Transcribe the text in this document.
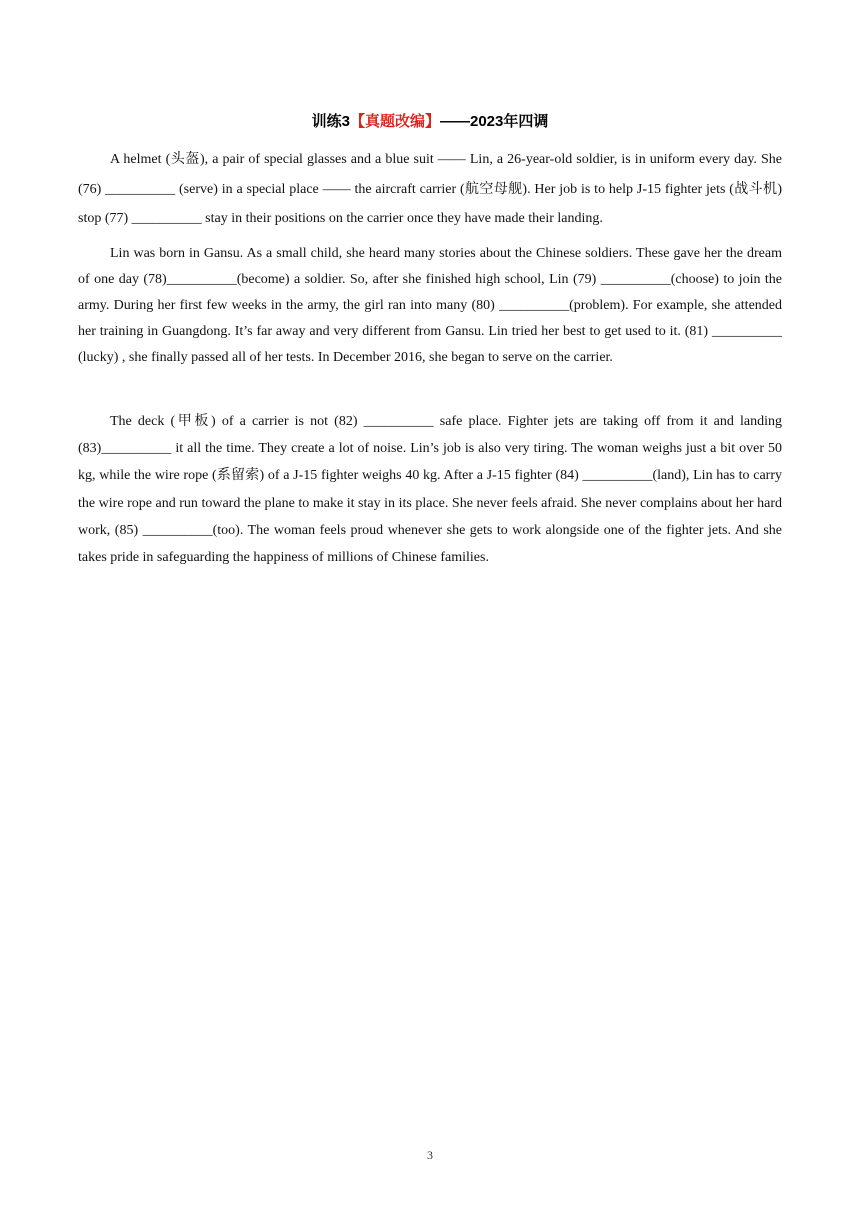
训练3【真题改编】——2023年四调

A helmet (头盔), a pair of special glasses and a blue suit —— Lin, a 26-year-old soldier, is in uniform every day. She (76) __________ (serve) in a special place —— the aircraft carrier (航空母舰). Her job is to help J-15 fighter jets (战斗机) stop (77) __________ stay in their positions on the carrier once they have made their landing.

Lin was born in Gansu. As a small child, she heard many stories about the Chinese soldiers. These gave her the dream of one day (78)__________(become) a soldier. So, after she finished high school, Lin (79) __________(choose) to join the army. During her first few weeks in the army, the girl ran into many (80) __________(problem). For example, she attended her training in Guangdong. It’s far away and very different from Gansu. Lin tried her best to get used to it. (81) __________ (lucky) , she finally passed all of her tests. In December 2016, she began to serve on the carrier.

The deck (甲板) of a carrier is not (82) __________ safe place. Fighter jets are taking off from it and landing (83)__________ it all the time. They create a lot of noise. Lin’s job is also very tiring. The woman weighs just a bit over 50 kg, while the wire rope (系留索) of a J-15 fighter weighs 40 kg. After a J-15 fighter (84) __________(land), Lin has to carry the wire rope and run toward the plane to make it stay in its place. She never feels afraid. She never complains about her hard work, (85) __________(too). The woman feels proud whenever she gets to work alongside one of the fighter jets. And she takes pride in safeguarding the happiness of millions of Chinese families.

3
